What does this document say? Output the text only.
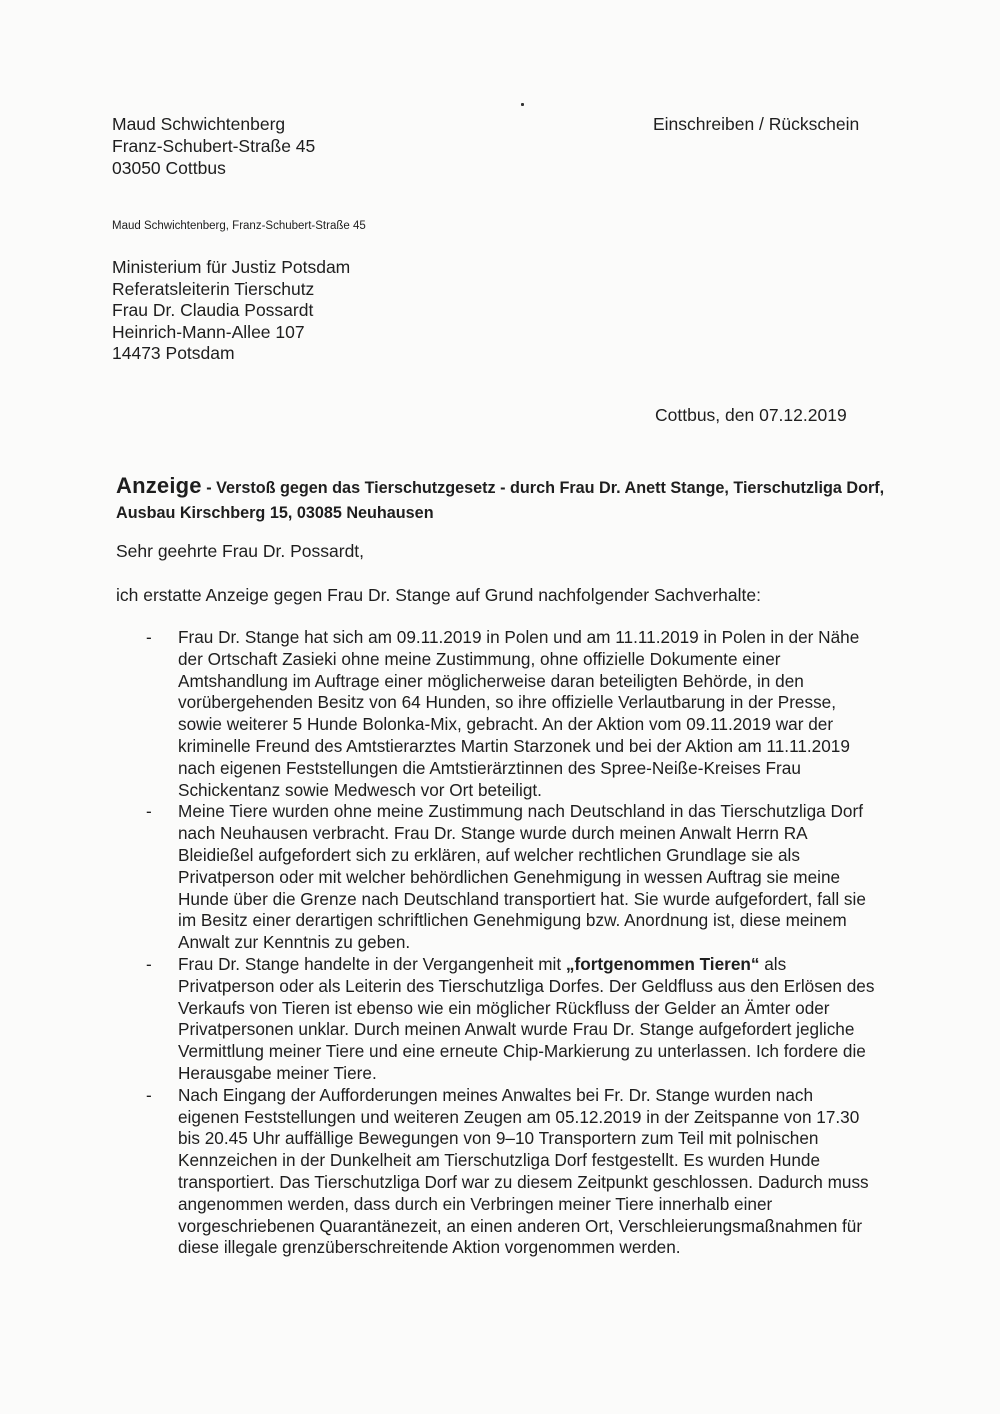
Maud Schwichtenberg
Franz-Schubert-Straße 45
03050 Cottbus
Einschreiben / Rückschein
Maud Schwichtenberg, Franz-Schubert-Straße 45
Ministerium für Justiz Potsdam
Referatsleiterin Tierschutz
Frau Dr. Claudia Possardt
Heinrich-Mann-Allee 107
14473 Potsdam
Cottbus, den 07.12.2019
Anzeige - Verstoß gegen das Tierschutzgesetz - durch Frau Dr. Anett Stange, Tierschutzliga Dorf, Ausbau Kirschberg 15, 03085 Neuhausen
Sehr geehrte Frau Dr. Possardt,
ich erstatte Anzeige gegen Frau Dr. Stange auf Grund nachfolgender Sachverhalte:
- Frau Dr. Stange hat sich am 09.11.2019 in Polen und am 11.11.2019 in Polen in der Nähe der Ortschaft Zasieki ohne meine Zustimmung, ohne offizielle Dokumente einer Amtshandlung im Auftrage einer möglicherweise daran beteiligten Behörde, in den vorübergehenden Besitz von 64 Hunden, so ihre offizielle Verlautbarung in der Presse, sowie weiterer 5 Hunde Bolonka-Mix, gebracht. An der Aktion vom 09.11.2019 war der kriminelle Freund des Amtstierarztes Martin Starzonek und bei der Aktion am 11.11.2019 nach eigenen Feststellungen die Amtstierärztinnen des Spree-Neiße-Kreises Frau Schickentanz sowie Medwesch vor Ort beteiligt.
- Meine Tiere wurden ohne meine Zustimmung nach Deutschland in das Tierschutzliga Dorf nach Neuhausen verbracht. Frau Dr. Stange wurde durch meinen Anwalt Herrn RA Bleidießel aufgefordert sich zu erklären, auf welcher rechtlichen Grundlage sie als Privatperson oder mit welcher behördlichen Genehmigung in wessen Auftrag sie meine Hunde über die Grenze nach Deutschland transportiert hat. Sie wurde aufgefordert, fall sie im Besitz einer derartigen schriftlichen Genehmigung bzw. Anordnung ist, diese meinem Anwalt zur Kenntnis zu geben.
- Frau Dr. Stange handelte in der Vergangenheit mit „fortgenommen Tieren“ als Privatperson oder als Leiterin des Tierschutzliga Dorfes. Der Geldfluss aus den Erlösen des Verkaufs von Tieren ist ebenso wie ein möglicher Rückfluss der Gelder an Ämter oder Privatpersonen unklar. Durch meinen Anwalt wurde Frau Dr. Stange aufgefordert jegliche Vermittlung meiner Tiere und eine erneute Chip-Markierung zu unterlassen. Ich fordere die Herausgabe meiner Tiere.
- Nach Eingang der Aufforderungen meines Anwaltes bei Fr. Dr. Stange wurden nach eigenen Feststellungen und weiteren Zeugen am 05.12.2019 in der Zeitspanne von 17.30 bis 20.45 Uhr auffällige Bewegungen von 9–10 Transportern zum Teil mit polnischen Kennzeichen in der Dunkelheit am Tierschutzliga Dorf festgestellt. Es wurden Hunde transportiert. Das Tierschutzliga Dorf war zu diesem Zeitpunkt geschlossen. Dadurch muss angenommen werden, dass durch ein Verbringen meiner Tiere innerhalb einer vorgeschriebenen Quarantänezeit, an einen anderen Ort, Verschleierungsmaßnahmen für diese illegale grenzüberschreitende Aktion vorgenommen werden.
